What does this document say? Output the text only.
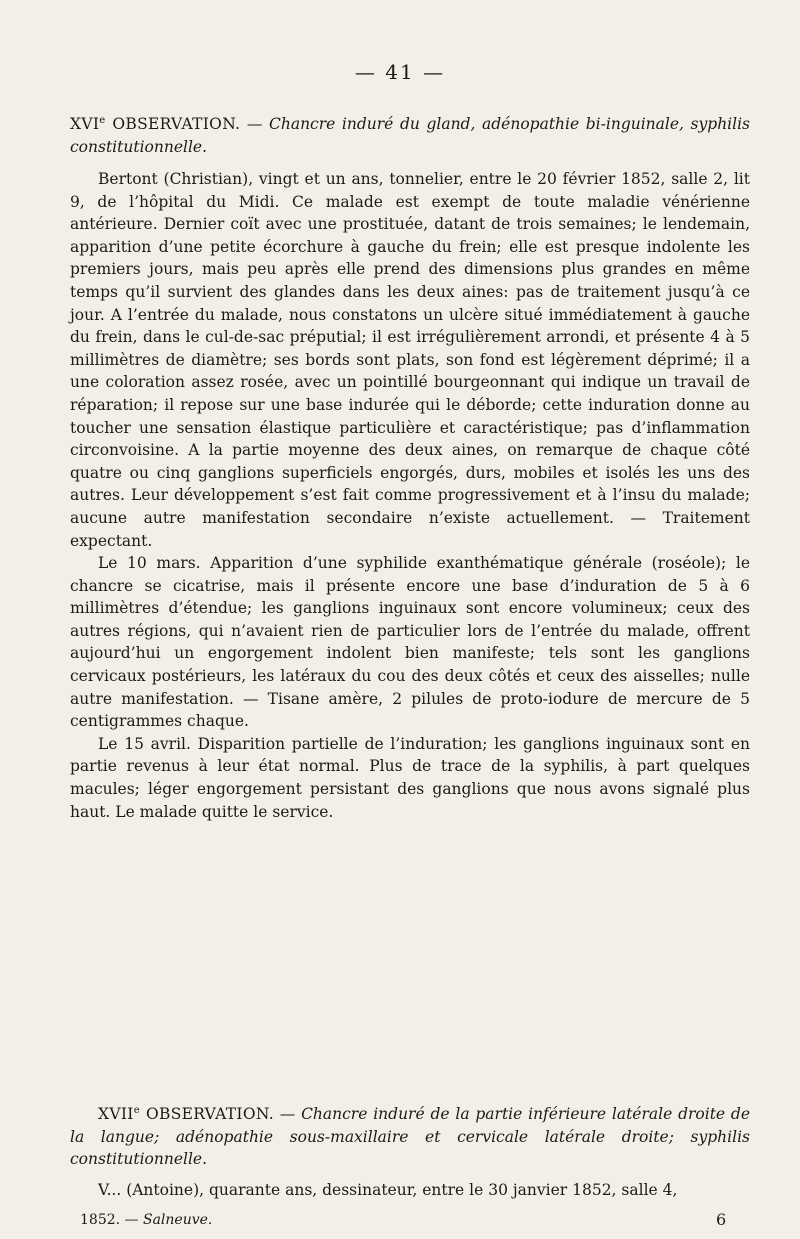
— 41 —

XVIe OBSERVATION. — Chancre induré du gland, adénopathie bi-inguinale, syphilis constitutionnelle.

Bertont (Christian), vingt et un ans, tonnelier, entre le 20 février 1852, salle 2, lit 9, de l’hôpital du Midi. Ce malade est exempt de toute maladie vénérienne antérieure. Dernier coït avec une prostituée, datant de trois semaines; le lendemain, apparition d’une petite écorchure à gauche du frein; elle est presque indolente les premiers jours, mais peu après elle prend des dimensions plus grandes en même temps qu’il survient des glandes dans les deux aines: pas de traitement jusqu’à ce jour. A l’entrée du malade, nous constatons un ulcère situé immédiatement à gauche du frein, dans le cul-de-sac préputial; il est irrégulièrement arrondi, et présente 4 à 5 millimètres de diamètre; ses bords sont plats, son fond est légèrement déprimé; il a une coloration assez rosée, avec un pointillé bourgeonnant qui indique un travail de réparation; il repose sur une base indurée qui le déborde; cette induration donne au toucher une sensation élastique particulière et caractéristique; pas d’inflammation circonvoisine. A la partie moyenne des deux aines, on remarque de chaque côté quatre ou cinq ganglions superficiels engorgés, durs, mobiles et isolés les uns des autres. Leur développement s’est fait comme progressivement et à l’insu du malade; aucune autre manifestation secondaire n’existe actuellement. — Traitement expectant.

Le 10 mars. Apparition d’une syphilide exanthématique générale (roséole); le chancre se cicatrise, mais il présente encore une base d’induration de 5 à 6 millimètres d’étendue; les ganglions inguinaux sont encore volumineux; ceux des autres régions, qui n’avaient rien de particulier lors de l’entrée du malade, offrent aujourd’hui un engorgement indolent bien manifeste; tels sont les ganglions cervicaux postérieurs, les latéraux du cou des deux côtés et ceux des aisselles; nulle autre manifestation. — Tisane amère, 2 pilules de proto-iodure de mercure de 5 centigrammes chaque.

Le 15 avril. Disparition partielle de l’induration; les ganglions inguinaux sont en partie revenus à leur état normal. Plus de trace de la syphilis, à part quelques macules; léger engorgement persistant des ganglions que nous avons signalé plus haut. Le malade quitte le service.

XVIIe OBSERVATION. — Chancre induré de la partie inférieure latérale droite de la langue; adénopathie sous-maxillaire et cervicale latérale droite; syphilis constitutionnelle.

V... (Antoine), quarante ans, dessinateur, entre le 30 janvier 1852, salle 4,

1852. — Salneuve.	6
